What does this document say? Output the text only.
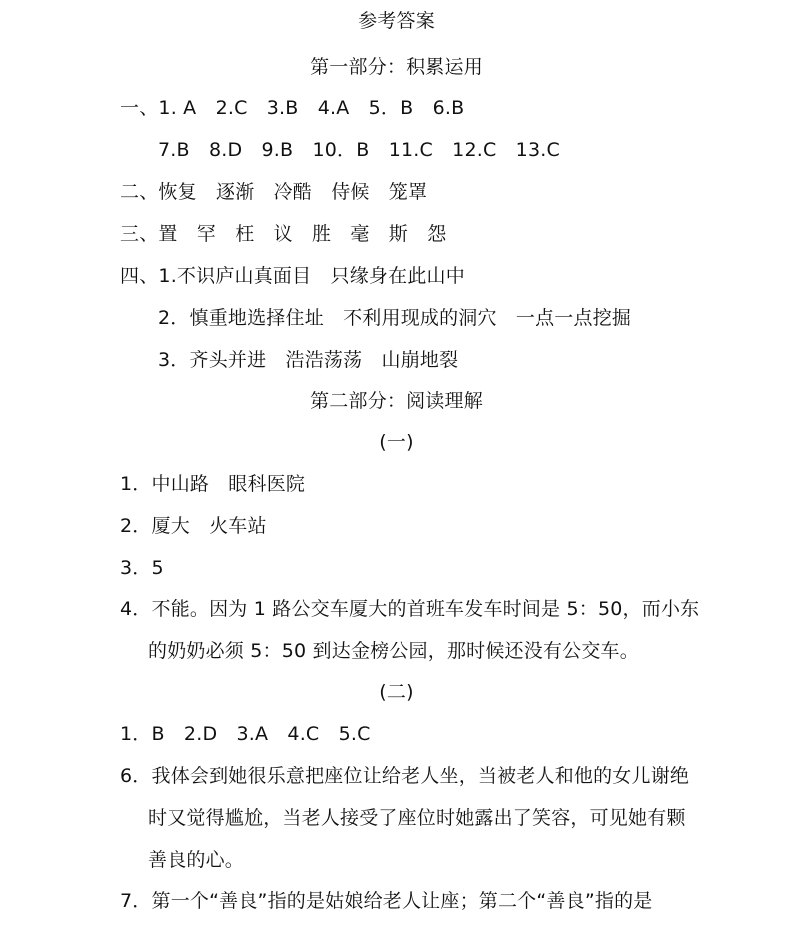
参考答案
第一部分：积累运用
一、1. A　2.C　3.B　4.A　5．B　6.B
7.B　8.D　9.B　10．B　11.C　12.C　13.C
二、恢复　逐渐　冷酷　侍候　笼罩
三、置　罕　枉　议　胜　毫　斯　怨
四、1.不识庐山真面目　只缘身在此山中
2．慎重地选择住址　不利用现成的洞穴　一点一点挖掘
3．齐头并进　浩浩荡荡　山崩地裂
第二部分：阅读理解
(一)
1．中山路　眼科医院
2．厦大　火车站
3．5
4．不能。因为 1 路公交车厦大的首班车发车时间是 5：50，而小东
的奶奶必须 5：50 到达金榜公园，那时候还没有公交车。
(二)
1．B　2.D　3.A　4.C　5.C
6．我体会到她很乐意把座位让给老人坐，当被老人和他的女儿谢绝
时又觉得尴尬，当老人接受了座位时她露出了笑容，可见她有颗
善良的心。
7．第一个“善良”指的是姑娘给老人让座；第二个“善良”指的是
